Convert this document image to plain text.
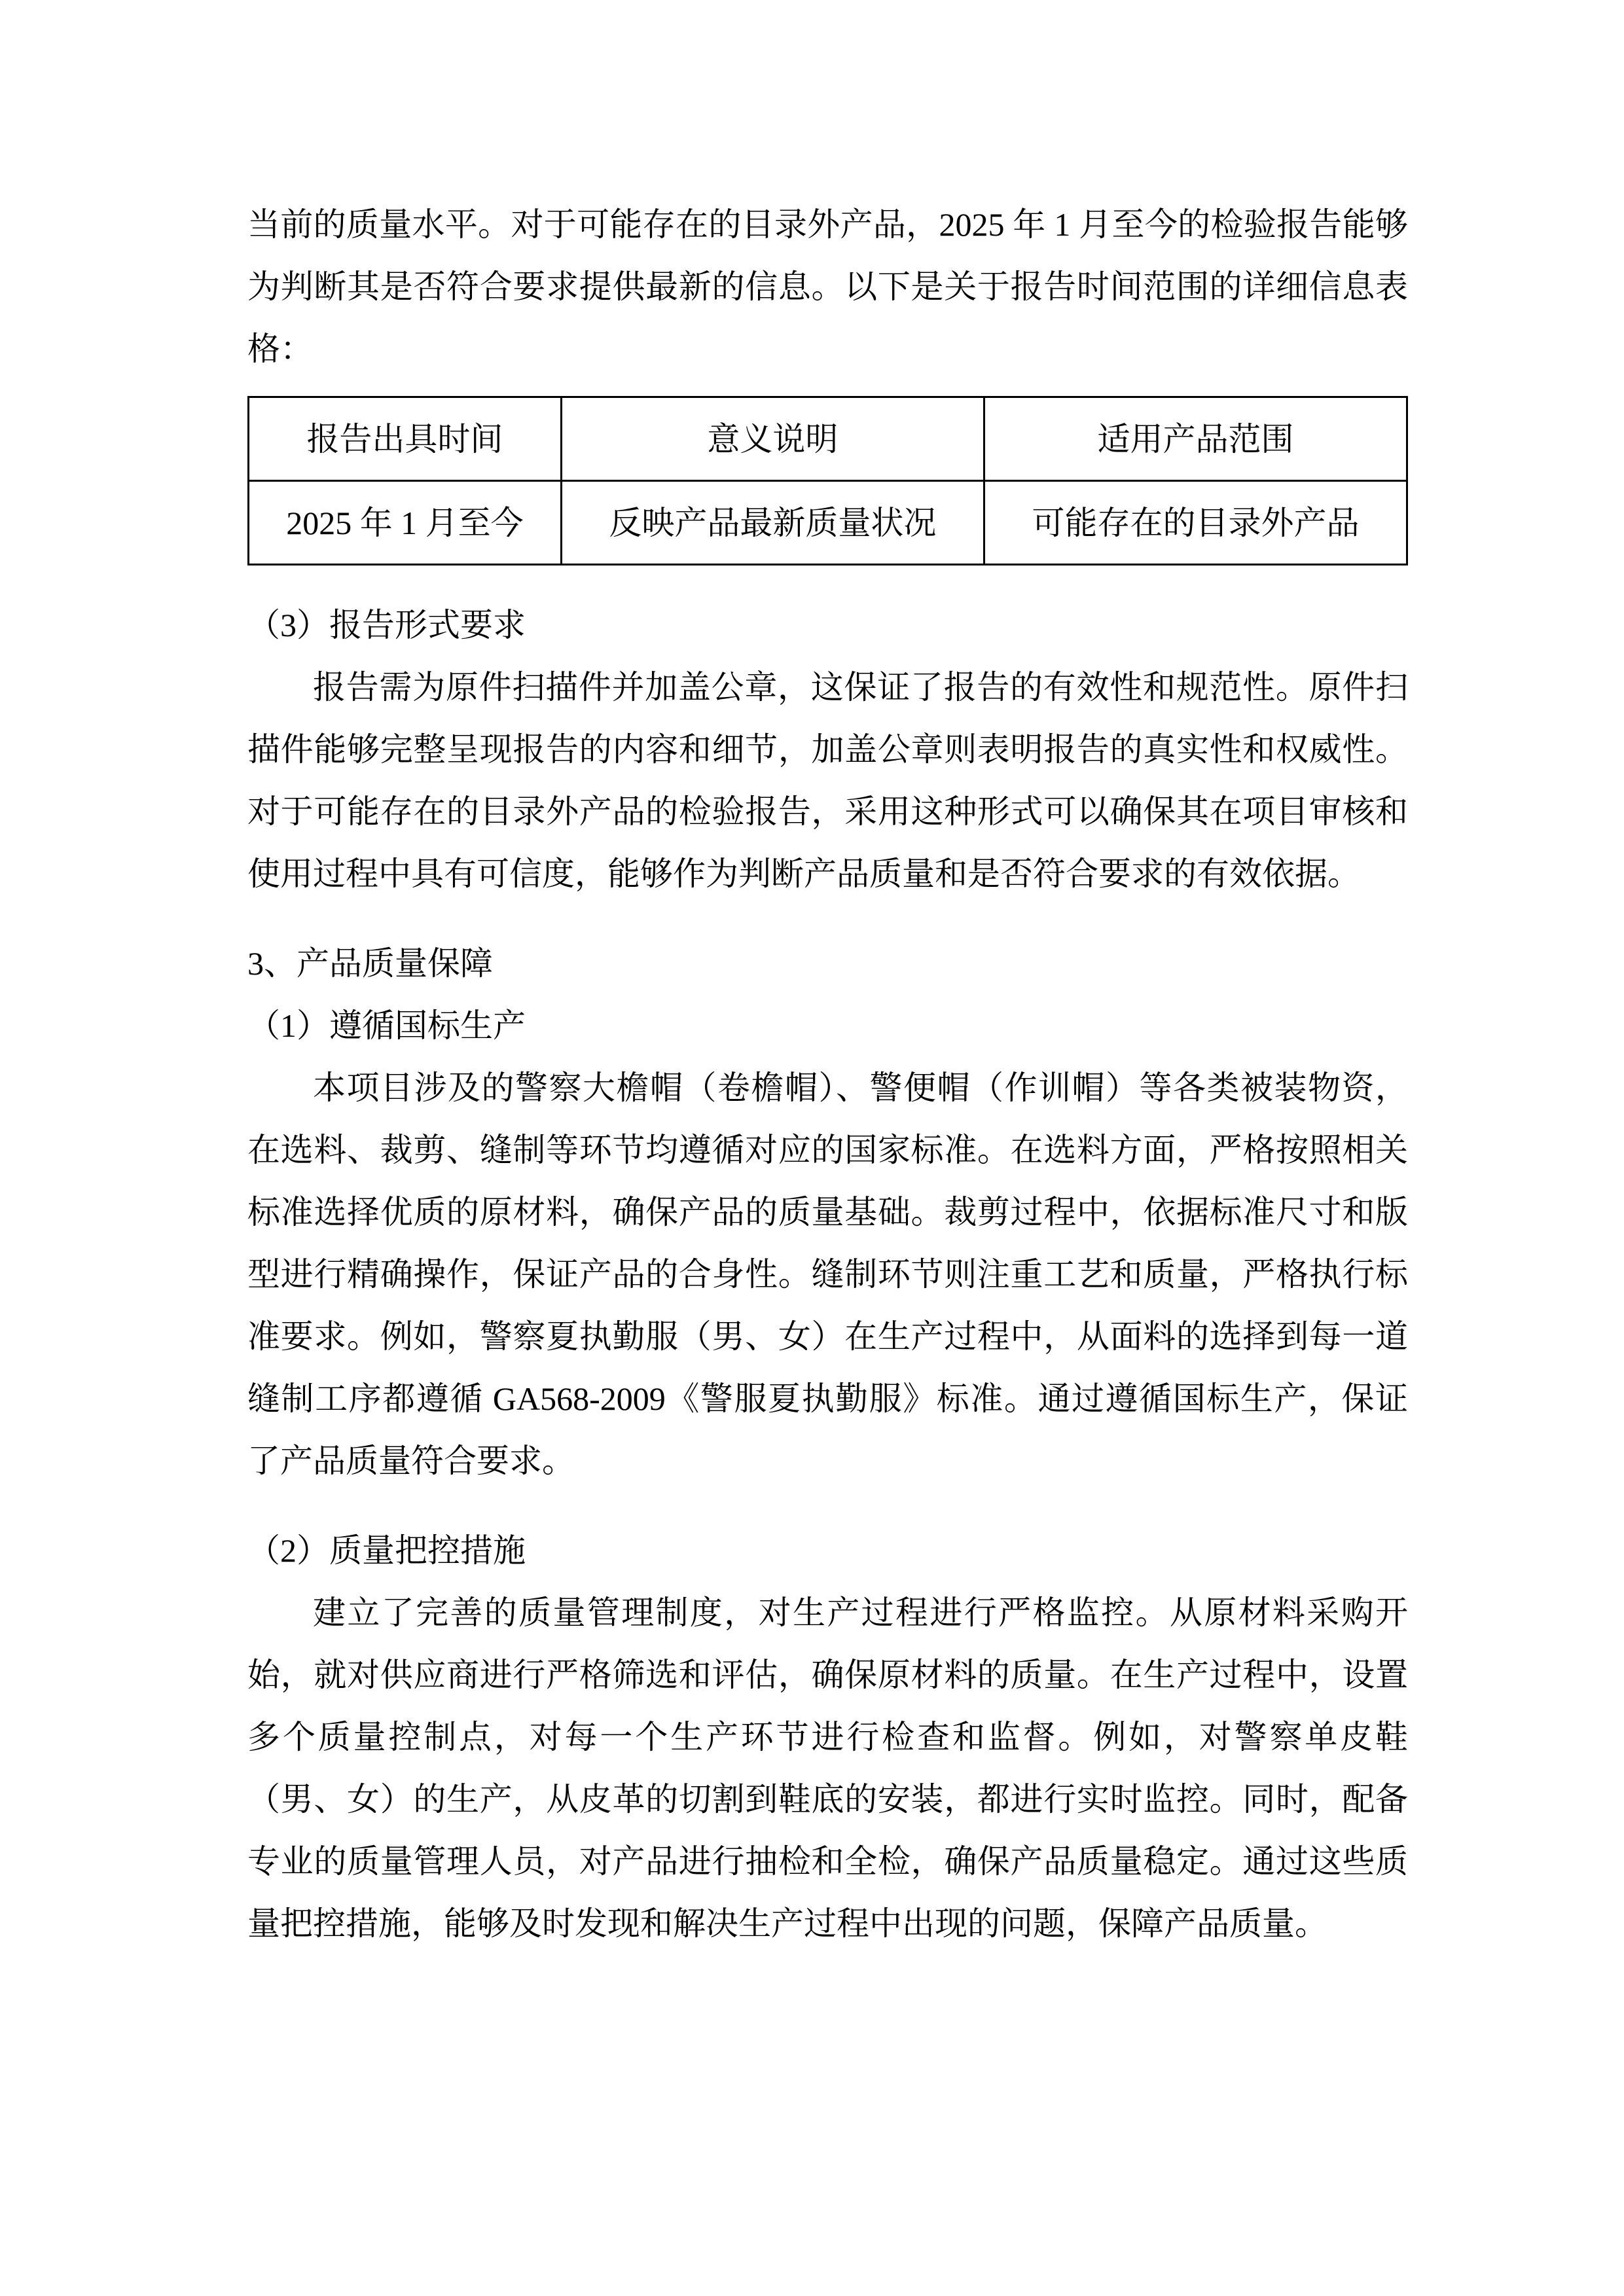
当前的质量水平。对于可能存在的目录外产品，2025 年 1 月至今的检验报告能够为判断其是否符合要求提供最新的信息。以下是关于报告时间范围的详细信息表格：

报告出具时间	意义说明	适用产品范围
2025 年 1 月至今	反映产品最新质量状况	可能存在的目录外产品

（3）报告形式要求

报告需为原件扫描件并加盖公章，这保证了报告的有效性和规范性。原件扫描件能够完整呈现报告的内容和细节，加盖公章则表明报告的真实性和权威性。对于可能存在的目录外产品的检验报告，采用这种形式可以确保其在项目审核和使用过程中具有可信度，能够作为判断产品质量和是否符合要求的有效依据。

3、产品质量保障

（1）遵循国标生产

本项目涉及的警察大檐帽（卷檐帽）、警便帽（作训帽）等各类被装物资，在选料、裁剪、缝制等环节均遵循对应的国家标准。在选料方面，严格按照相关标准选择优质的原材料，确保产品的质量基础。裁剪过程中，依据标准尺寸和版型进行精确操作，保证产品的合身性。缝制环节则注重工艺和质量，严格执行标准要求。例如，警察夏执勤服（男、女）在生产过程中，从面料的选择到每一道缝制工序都遵循 GA568-2009《警服夏执勤服》标准。通过遵循国标生产，保证了产品质量符合要求。

（2）质量把控措施

建立了完善的质量管理制度，对生产过程进行严格监控。从原材料采购开始，就对供应商进行严格筛选和评估，确保原材料的质量。在生产过程中，设置多个质量控制点，对每一个生产环节进行检查和监督。例如，对警察单皮鞋（男、女）的生产，从皮革的切割到鞋底的安装，都进行实时监控。同时，配备专业的质量管理人员，对产品进行抽检和全检，确保产品质量稳定。通过这些质量把控措施，能够及时发现和解决生产过程中出现的问题，保障产品质量。
